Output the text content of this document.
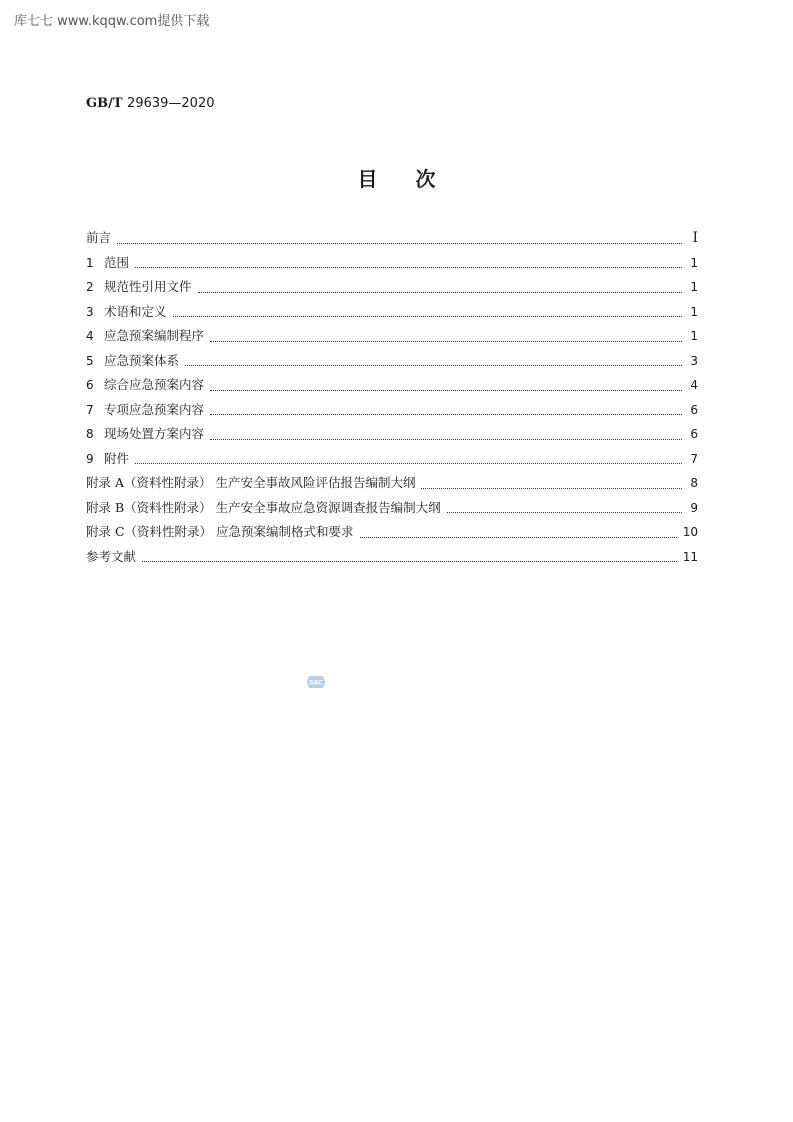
库七七 www.kqqw.com提供下载
GB/T 29639—2020
目次
前言	Ⅰ
1 范围	1
2 规范性引用文件	1
3 术语和定义	1
4 应急预案编制程序	1
5 应急预案体系	3
6 综合应急预案内容	4
7 专项应急预案内容	6
8 现场处置方案内容	6
9 附件	7
附录 A（资料性附录） 生产安全事故风险评估报告编制大纲	8
附录 B（资料性附录） 生产安全事故应急资源调查报告编制大纲	9
附录 C（资料性附录） 应急预案编制格式和要求	10
参考文献	11
SAC
